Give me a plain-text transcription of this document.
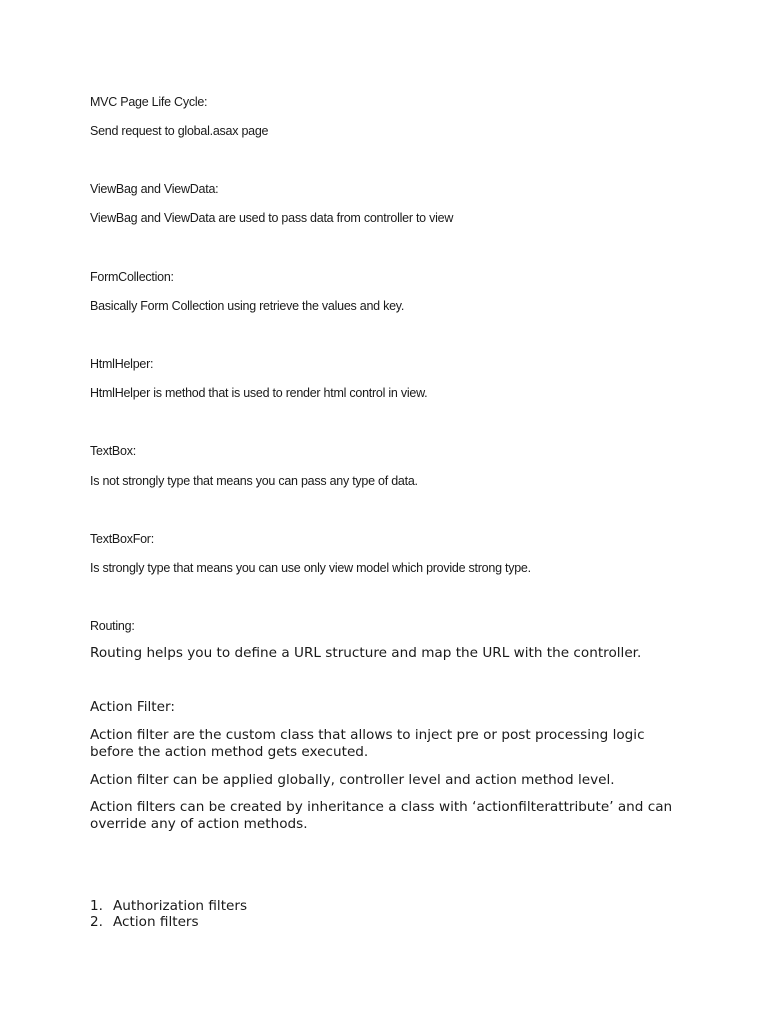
MVC Page Life Cycle:

Send request to global.asax page

ViewBag and ViewData:

ViewBag and ViewData are used to pass data from controller to view

FormCollection:

Basically Form Collection using retrieve the values and key.

HtmlHelper:

HtmlHelper is method that is used to render html control in view.

TextBox:

Is not strongly type that means you can pass any type of data.

TextBoxFor:

Is strongly type that means you can use only view model which provide strong type.

Routing:

Routing helps you to define a URL structure and map the URL with the controller.

Action Filter:

Action filter are the custom class that allows to inject pre or post processing logic before the action method gets executed.

Action filter can be applied globally, controller level and action method level.

Action filters can be created by inheritance a class with ‘actionfilterattribute’ and can override any of action methods.

1. Authorization filters
2. Action filters
